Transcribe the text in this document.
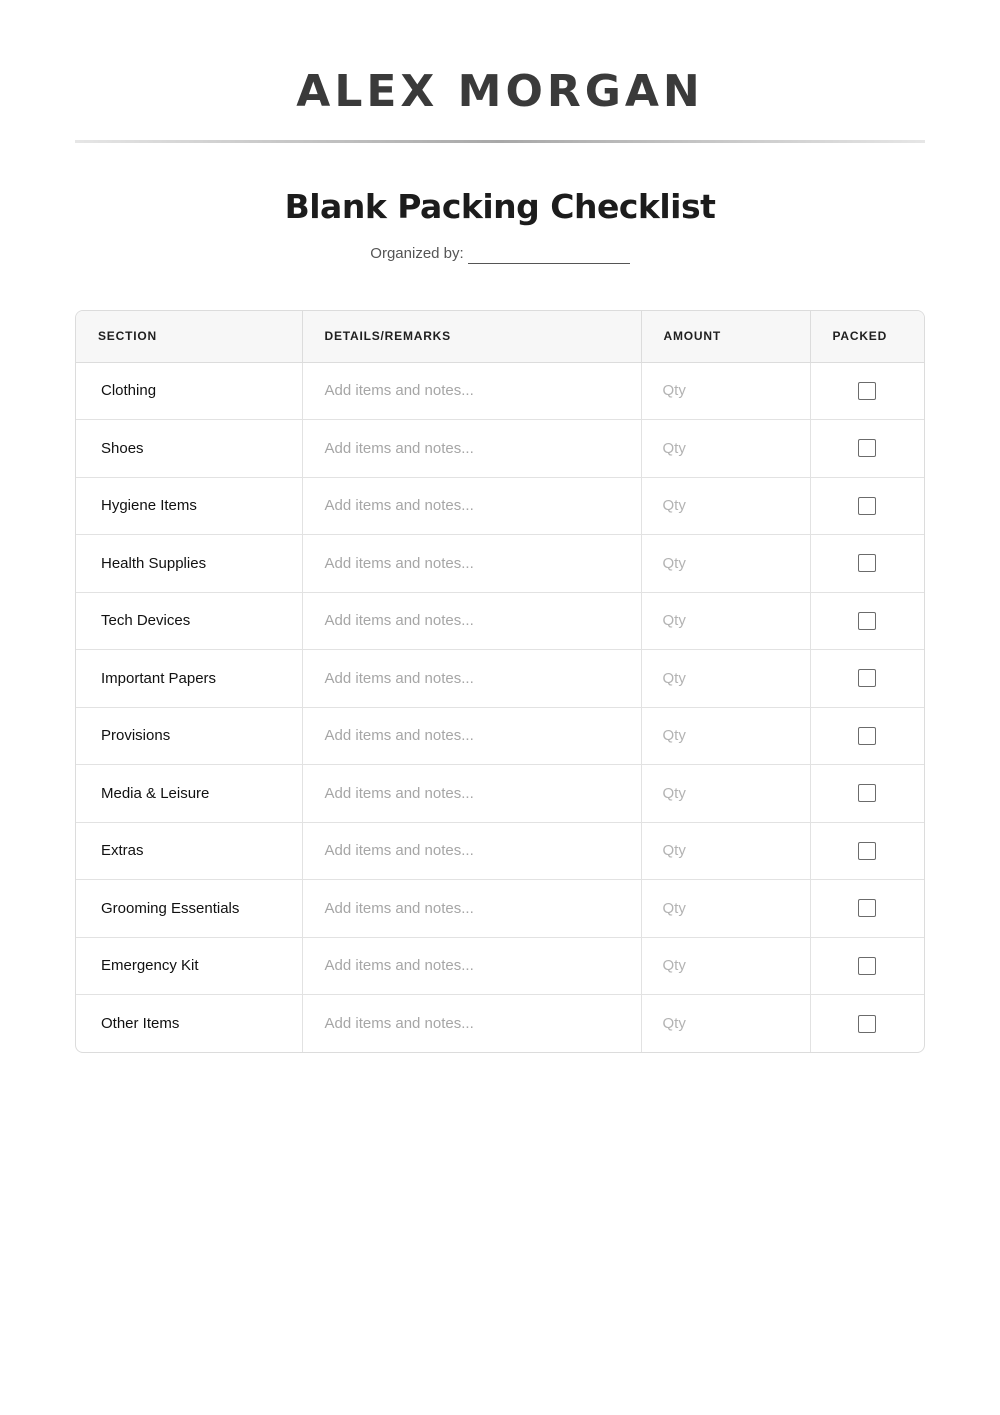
ALEX MORGAN
Blank Packing Checklist
Organized by:
SECTION	DETAILS/REMARKS	AMOUNT	PACKED
Clothing	Add items and notes...	Qty	
Shoes	Add items and notes...	Qty	
Hygiene Items	Add items and notes...	Qty	
Health Supplies	Add items and notes...	Qty	
Tech Devices	Add items and notes...	Qty	
Important Papers	Add items and notes...	Qty	
Provisions	Add items and notes...	Qty	
Media & Leisure	Add items and notes...	Qty	
Extras	Add items and notes...	Qty	
Grooming Essentials	Add items and notes...	Qty	
Emergency Kit	Add items and notes...	Qty	
Other Items	Add items and notes...	Qty	
